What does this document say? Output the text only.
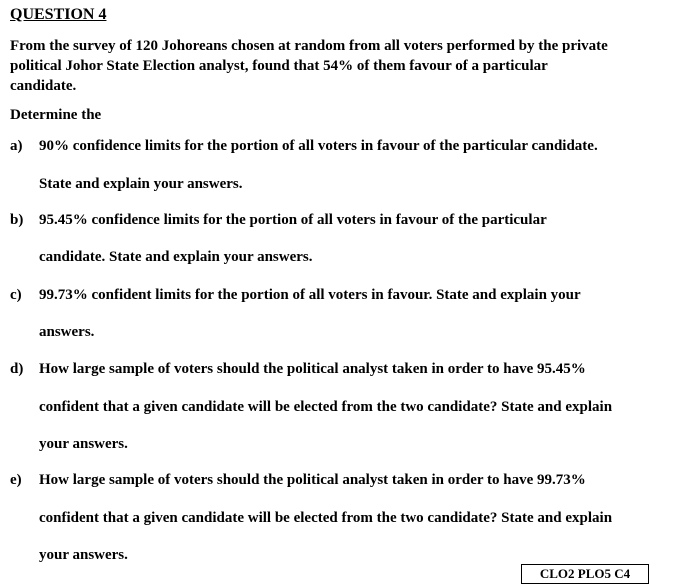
QUESTION 4
From the survey of 120 Johoreans chosen at random from all voters performed by the private
political Johor State Election analyst, found that 54% of them favour of a particular
candidate.
Determine the
a)	90% confidence limits for the portion of all voters in favour of the particular candidate.
State and explain your answers.
b)	95.45% confidence limits for the portion of all voters in favour of the particular
candidate. State and explain your answers.
c)	99.73% confident limits for the portion of all voters in favour. State and explain your
answers.
d)	How large sample of voters should the political analyst taken in order to have 95.45%
confident that a given candidate will be elected from the two candidate? State and explain
your answers.
e)	How large sample of voters should the political analyst taken in order to have 99.73%
confident that a given candidate will be elected from the two candidate? State and explain
your answers.
CLO2 PLO5 C4
